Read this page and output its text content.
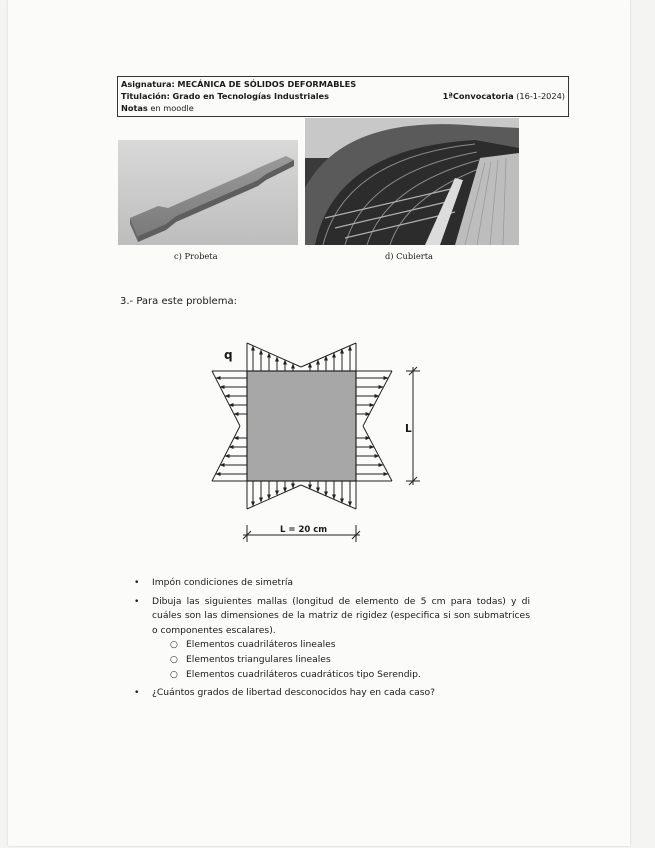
Asignatura: MECÁNICA DE SÓLIDOS DEFORMABLES
Titulación: Grado en Tecnologías Industriales	1ªConvocatoria (16-1-2024)
Notas en moodle
c) Probeta	d) Cubierta
3.- Para este problema:
q
L
L = 20 cm
• Impón condiciones de simetría
• Dibuja las siguientes mallas (longitud de elemento de 5 cm para todas) y di cuáles son las dimensiones de la matriz de rigidez (especifica si son submatrices o componentes escalares).
○ Elementos cuadriláteros lineales
○ Elementos triangulares lineales
○ Elementos cuadriláteros cuadráticos tipo Serendip.
• ¿Cuántos grados de libertad desconocidos hay en cada caso?
